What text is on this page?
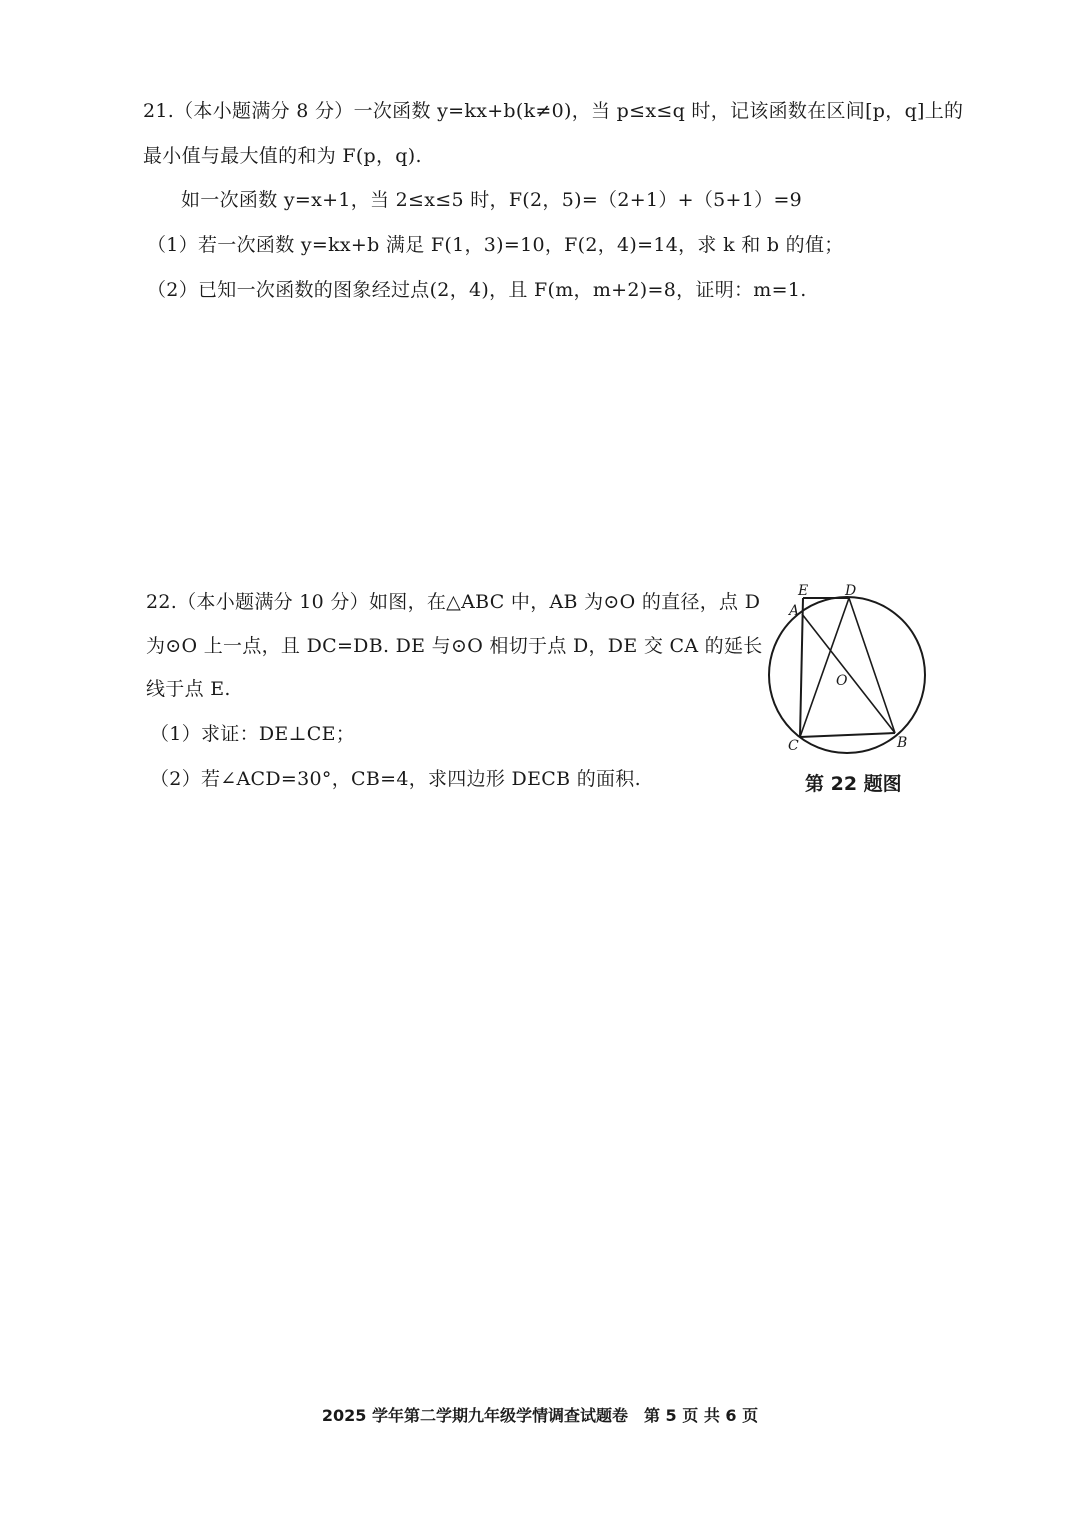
21.（本小题满分 8 分）一次函数 y=kx+b(k≠0)，当 p≤x≤q 时，记该函数在区间[p，q]上的
最小值与最大值的和为 F(p，q).
如一次函数 y=x+1，当 2≤x≤5 时，F(2，5)=（2+1）+（5+1）=9
（1）若一次函数 y=kx+b 满足 F(1，3)=10，F(2，4)=14，求 k 和 b 的值；
（2）已知一次函数的图象经过点(2，4)，且 F(m，m+2)=8，证明：m=1.
22.（本小题满分 10 分）如图，在△ABC 中，AB 为⊙O 的直径，点 D
为⊙O 上一点，且 DC=DB. DE 与⊙O 相切于点 D，DE 交 CA 的延长
线于点 E.
（1）求证：DE⊥CE；
（2）若∠ACD=30°，CB=4，求四边形 DECB 的面积.
E	D
A
O
C	B
第 22 题图
2025 学年第二学期九年级学情调查试题卷　第 5 页 共 6 页
